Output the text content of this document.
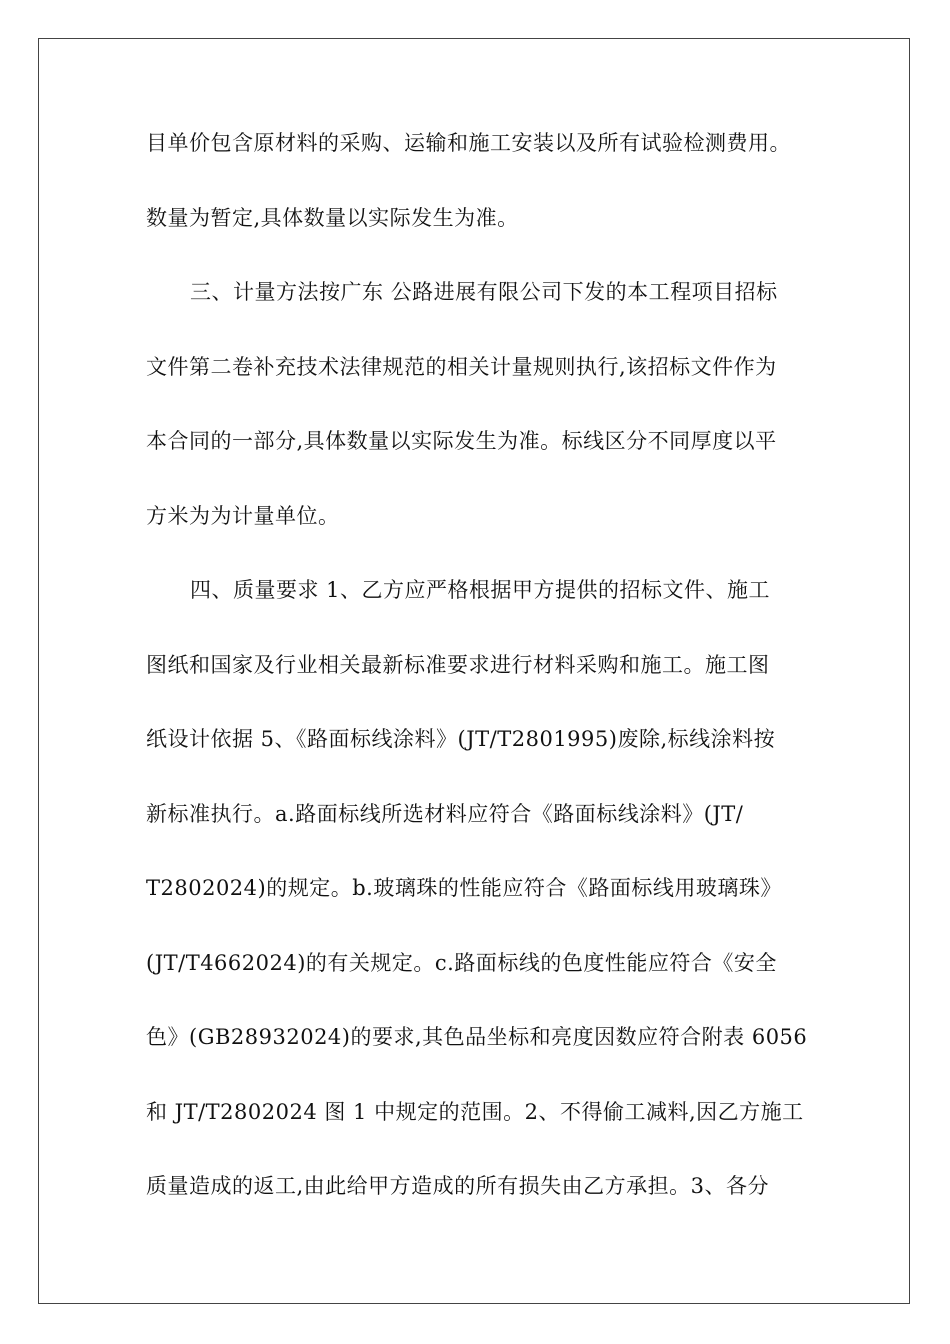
目单价包含原材料的采购、运输和施工安装以及所有试验检测费用。
数量为暂定,具体数量以实际发生为准。
三、计量方法按广东 公路进展有限公司下发的本工程项目招标
文件第二卷补充技术法律规范的相关计量规则执行,该招标文件作为
本合同的一部分,具体数量以实际发生为准。标线区分不同厚度以平
方米为为计量单位。
四、质量要求 1、乙方应严格根据甲方提供的招标文件、施工
图纸和国家及行业相关最新标准要求进行材料采购和施工。施工图
纸设计依据 5、《路面标线涂料》(JT/T2801995)废除,标线涂料按
新标准执行。a.路面标线所选材料应符合《路面标线涂料》(JT/
T2802024)的规定。b.玻璃珠的性能应符合《路面标线用玻璃珠》
(JT/T4662024)的有关规定。c.路面标线的色度性能应符合《安全
色》(GB28932024)的要求,其色品坐标和亮度因数应符合附表 6056
和 JT/T2802024 图 1 中规定的范围。2、不得偷工减料,因乙方施工
质量造成的返工,由此给甲方造成的所有损失由乙方承担。3、各分
